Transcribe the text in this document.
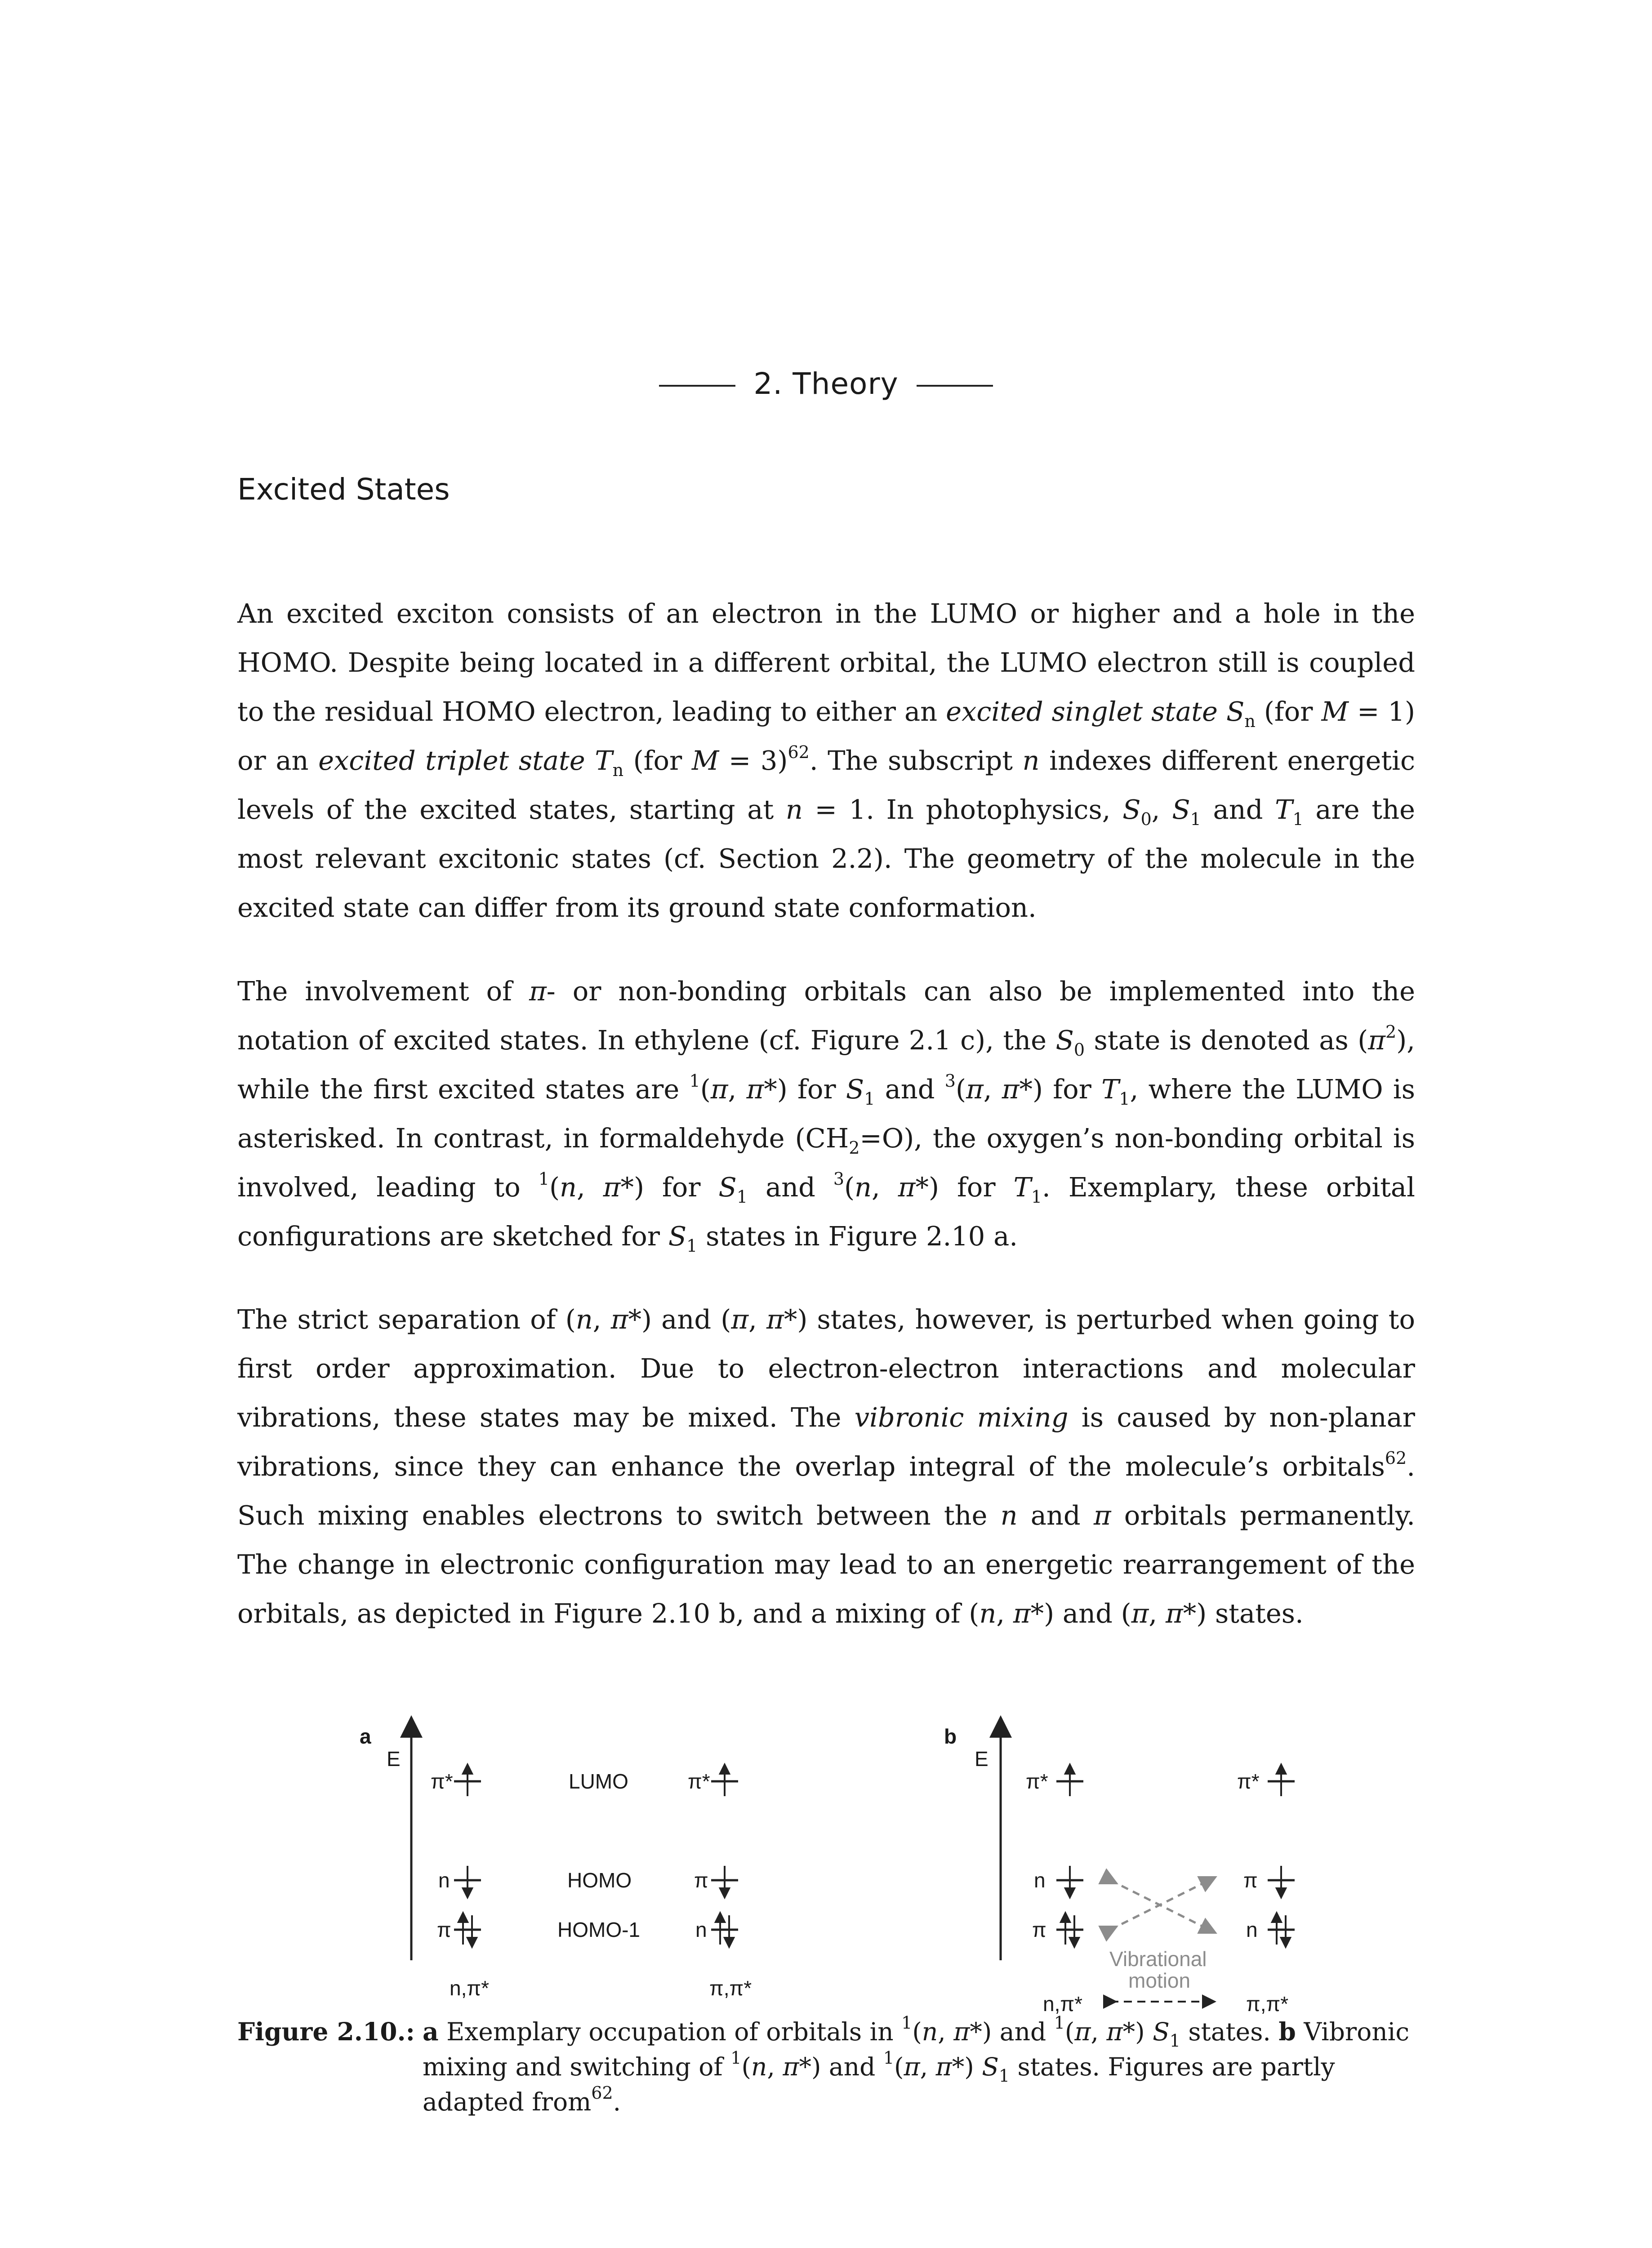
2. Theory
Excited States

An excited exciton consists of an electron in the LUMO or higher and a hole in the HOMO. Despite being located in a different orbital, the LUMO electron still is coupled to the residual HOMO electron, leading to either an excited singlet state $S_n$ (for M = 1) or an excited triplet state $T_n$ (for M = 3)$^{62}$. The subscript n indexes different energetic levels of the excited states, starting at n = 1. In photophysics, $S_0$, $S_1$ and $T_1$ are the most relevant excitonic states (cf. Section 2.2). The geometry of the molecule in the excited state can differ from its ground state conformation.

The involvement of π- or non-bonding orbitals can also be implemented into the notation of excited states. In ethylene (cf. Figure 2.1 c), the $S_0$ state is denoted as $(\pi^2)$, while the first excited states are $^1$(π, π*) for $S_1$ and $^3$(π, π*) for $T_1$, where the LUMO is asterisked. In contrast, in formaldehyde $(CH_2=O)$, the oxygen’s non-bonding orbital is involved, leading to $^1$(n, π*) for $S_1$ and $^3$(n, π*) for $T_1$. Exemplary, these orbital configurations are sketched for $S_1$ states in Figure 2.10 a.

The strict separation of (n, π*) and (π, π*) states, however, is perturbed when going to first order approximation. Due to electron-electron interactions and molecular vibrations, these states may be mixed. The vibronic mixing is caused by non-planar vibrations, since they can enhance the overlap integral of the molecule’s orbitals$^{62}$. Such mixing enables electrons to switch between the n and π orbitals permanently. The change in electronic configuration may lead to an energetic rearrangement of the orbitals, as depicted in Figure 2.10 b, and a mixing of (n, π*) and (π, π*) states.

a
E
b
E
π*
n
π
LUMO
HOMO
HOMO-1
π*
π
n
n,π*	π,π*
π*
n
π
π*
π
n
n,π*	π,π*
Vibrational
motion
Figure 2.10.: a Exemplary occupation of orbitals in $^1$(n, π*) and $^1$(π, π*) $S_1$ states. b Vibronic mixing and switching of $^1$(n, π*) and $^1$(π, π*) $S_1$ states. Figures are partly adapted from$^{62}$.
